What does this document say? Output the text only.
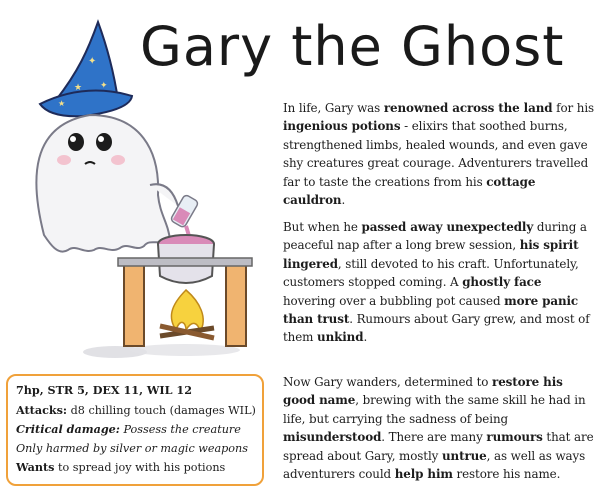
Gary the Ghost
✦
★ ✦
★	In life, Gary was renowned across the land for his ingenious potions - elixirs that soothed burns, strengthened limbs, healed wounds, and even gave shy creatures great courage. Adventurers travelled far to taste the creations from his cottage cauldron.

But when he passed away unexpectedly during a peaceful nap after a long brew session, his spirit lingered, still devoted to his craft. Unfortunately, customers stopped coming. A ghostly face hovering over a bubbling pot caused more panic than trust. Rumours about Gary grew, and most of them unkind.

Now Gary wanders, determined to restore his good name, brewing with the same skill he had in life, but carrying the sadness of being misunderstood. There are many rumours that are spread about Gary, mostly untrue, as well as ways adventurers could help him restore his name.

7hp, STR 5, DEX 11, WIL 12
Attacks: d8 chilling touch (damages WIL)
Critical damage: Possess the creature
Only harmed by silver or magic weapons
Wants to spread joy with his potions
